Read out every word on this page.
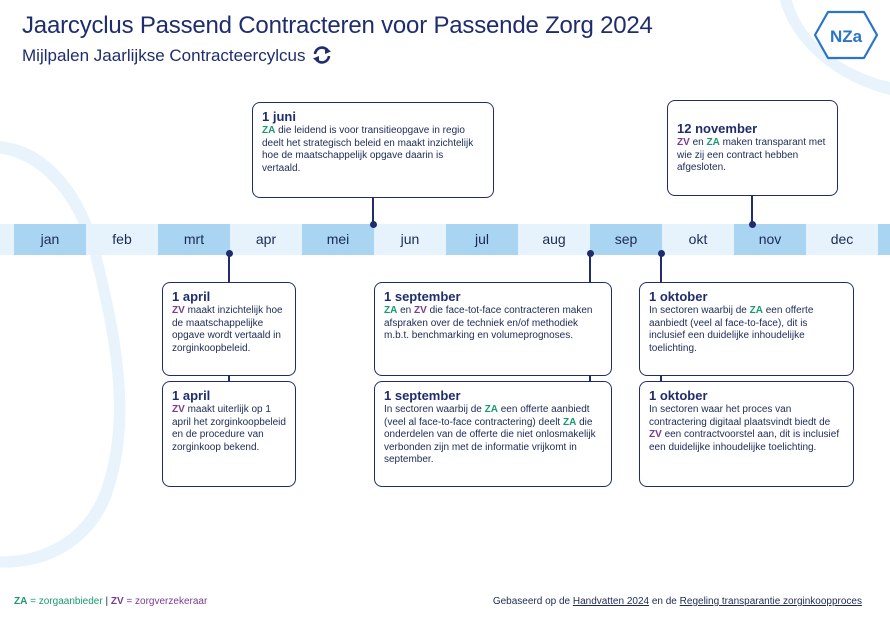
Jaarcyclus Passend Contracteren voor Passende Zorg 2024
Mijlpalen Jaarlijkse Contracteercylcus
NZa
jan	feb	mrt	apr	mei	jun	jul	aug	sep	okt	nov	dec

1 juni

ZA die leidend is voor transitieopgave in regio deelt het strategisch beleid en maakt inzichtelijk hoe de maatschappelijk opgave daarin is vertaald.

12 november

ZV en ZA maken transparant met wie zij een contract hebben afgesloten.

1 april

ZV maakt inzichtelijk hoe de maatschappelijke opgave wordt vertaald in zorginkoopbeleid.

1 april

ZV maakt uiterlijk op 1 april het zorginkoopbeleid en de procedure van zorginkoop bekend.

1 september

ZA en ZV die face-tot-face contracteren maken afspraken over de techniek en/of methodiek m.b.t. benchmarking en volumeprognoses.

1 september

In sectoren waarbij de ZA een offerte aanbiedt (veel al face-to-face contractering) deelt ZA die onderdelen van de offerte die niet onlosmakelijk verbonden zijn met de informatie vrijkomt in september.

1 oktober

In sectoren waarbij de ZA een offerte aanbiedt (veel al face-to-face), dit is inclusief een duidelijke inhoudelijke toelichting.

1 oktober

In sectoren waar het proces van contractering digitaal plaatsvindt biedt de ZV een contractvoorstel aan, dit is inclusief een duidelijke inhoudelijke toelichting.

ZA = zorgaanbieder | ZV = zorgverzekeraar	Gebaseerd op de Handvatten 2024 en de Regeling transparantie zorginkoopproces
